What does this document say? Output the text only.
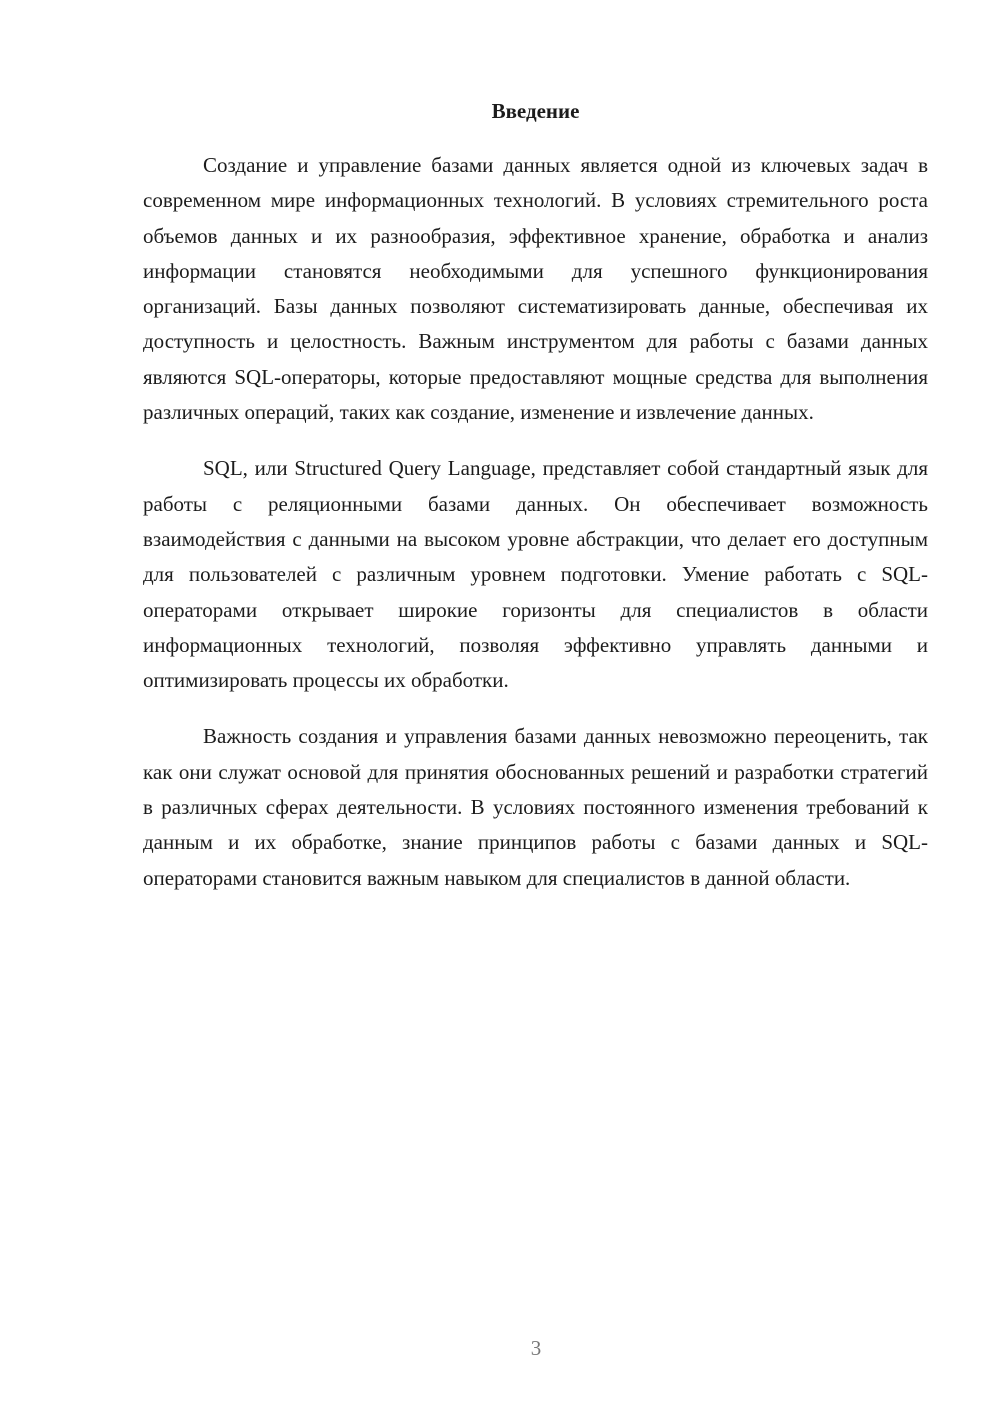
Введение

Создание и управление базами данных является одной из ключевых задач в современном мире информационных технологий. В условиях стремительного роста объемов данных и их разнообразия, эффективное хранение, обработка и анализ информации становятся необходимыми для успешного функционирования организаций. Базы данных позволяют систематизировать данные, обеспечивая их доступность и целостность. Важным инструментом для работы с базами данных являются SQL-операторы, которые предоставляют мощные средства для выполнения различных операций, таких как создание, изменение и извлечение данных.

SQL, или Structured Query Language, представляет собой стандартный язык для работы с реляционными базами данных. Он обеспечивает возможность взаимодействия с данными на высоком уровне абстракции, что делает его доступным для пользователей с различным уровнем подготовки. Умение работать с SQL-операторами открывает широкие горизонты для специалистов в области информационных технологий, позволяя эффективно управлять данными и оптимизировать процессы их обработки.

Важность создания и управления базами данных невозможно переоценить, так как они служат основой для принятия обоснованных решений и разработки стратегий в различных сферах деятельности. В условиях постоянного изменения требований к данным и их обработке, знание принципов работы с базами данных и SQL-операторами становится важным навыком для специалистов в данной области.

3
